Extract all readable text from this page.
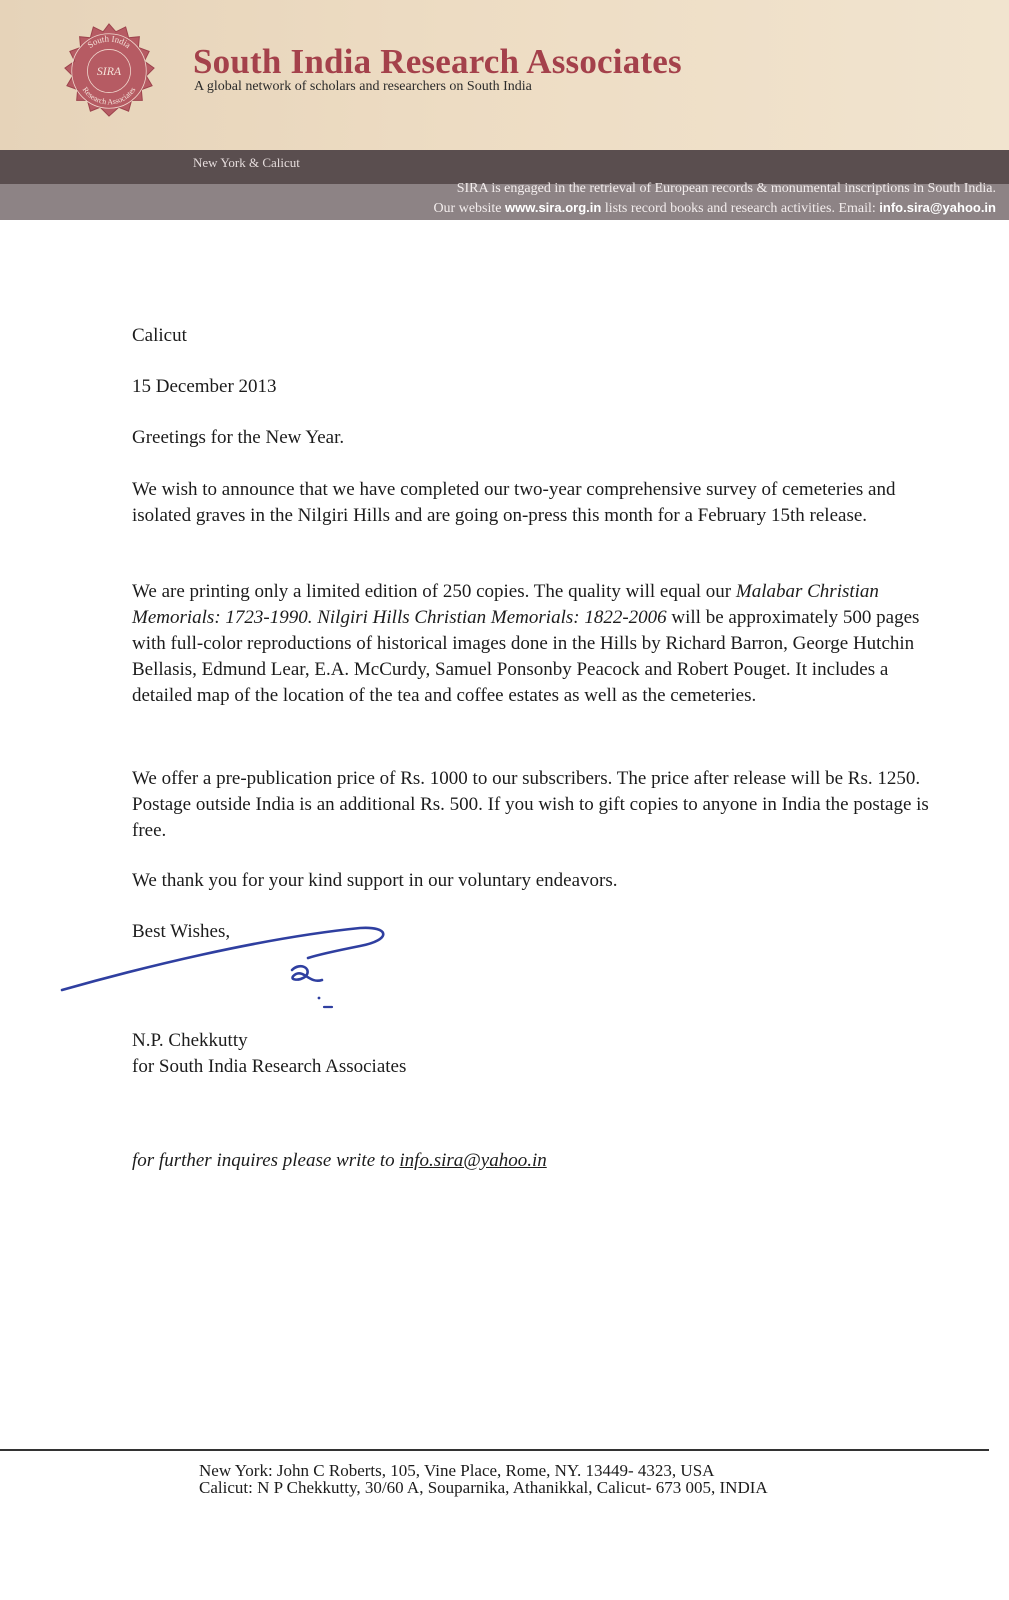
South India
SIRA
Research Associates
South India Research Associates
A global network of scholars and researchers on South India
New York & Calicut
SIRA is engaged in the retrieval of European records & monumental inscriptions in South India.
Our website www.sira.org.in lists record books and research activities. Email: info.sira@yahoo.in

Calicut

15 December 2013

Greetings for the New Year.

We wish to announce that we have completed our two-year comprehensive survey of cemeteries and isolated graves in the Nilgiri Hills and are going on-press this month for a February 15th release.

We are printing only a limited edition of 250 copies. The quality will equal our Malabar Christian Memorials: 1723-1990. Nilgiri Hills Christian Memorials: 1822-2006 will be approximately 500 pages with full-color reproductions of historical images done in the Hills by Richard Barron, George Hutchin Bellasis, Edmund Lear, E.A. McCurdy, Samuel Ponsonby Peacock and Robert Pouget. It includes a detailed map of the location of the tea and coffee estates as well as the cemeteries.

We offer a pre-publication price of Rs. 1000 to our subscribers. The price after release will be Rs. 1250. Postage outside India is an additional Rs. 500. If you wish to gift copies to anyone in India the postage is free.

We thank you for your kind support in our voluntary endeavors.

Best Wishes,

N.P. Chekkutty
for South India Research Associates

for further inquires please write to info.sira@yahoo.in

New York: John C Roberts, 105, Vine Place, Rome, NY. 13449- 4323, USA
Calicut: N P Chekkutty, 30/60 A, Souparnika, Athanikkal, Calicut- 673 005, INDIA
